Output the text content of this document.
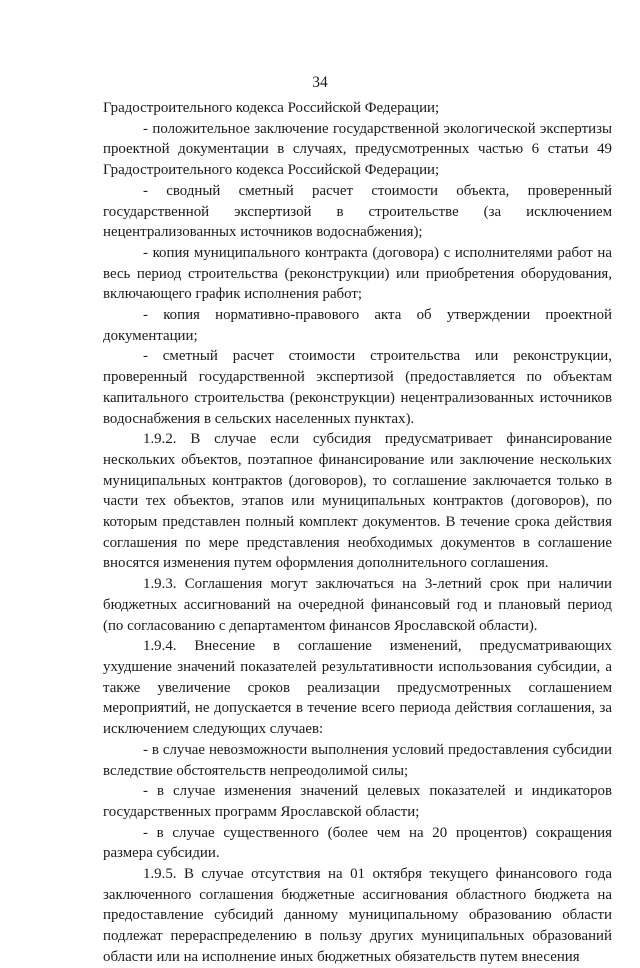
34

Градостроительного кодекса Российской Федерации;

- положительное заключение государственной экологической экспертизы проектной документации в случаях, предусмотренных частью 6 статьи 49 Градостроительного кодекса Российской Федерации;

- сводный сметный расчет стоимости объекта, проверенный государственной экспертизой в строительстве (за исключением нецентрализованных источников водоснабжения);

- копия муниципального контракта (договора) с исполнителями работ на весь период строительства (реконструкции) или приобретения оборудования, включающего график исполнения работ;

- копия нормативно-правового акта об утверждении проектной документации;

- сметный расчет стоимости строительства или реконструкции, проверенный государственной экспертизой (предоставляется по объектам капитального строительства (реконструкции) нецентрализованных источников водоснабжения в сельских населенных пунктах).

1.9.2. В случае если субсидия предусматривает финансирование нескольких объектов, поэтапное финансирование или заключение нескольких муниципальных контрактов (договоров), то соглашение заключается только в части тех объектов, этапов или муниципальных контрактов (договоров), по которым представлен полный комплект документов. В течение срока действия соглашения по мере представления необходимых документов в соглашение вносятся изменения путем оформления дополнительного соглашения.

1.9.3. Соглашения могут заключаться на 3-летний срок при наличии бюджетных ассигнований на очередной финансовый год и плановый период (по согласованию с департаментом финансов Ярославской области).

1.9.4. Внесение в соглашение изменений, предусматривающих ухудшение значений показателей результативности использования субсидии, а также увеличение сроков реализации предусмотренных соглашением мероприятий, не допускается в течение всего периода действия соглашения, за исключением следующих случаев:

- в случае невозможности выполнения условий предоставления субсидии вследствие обстоятельств непреодолимой силы;

- в случае изменения значений целевых показателей и индикаторов государственных программ Ярославской области;

- в случае существенного (более чем на 20 процентов) сокращения размера субсидии.

1.9.5. В случае отсутствия на 01 октября текущего финансового года заключенного соглашения бюджетные ассигнования областного бюджета на предоставление субсидий данному муниципальному образованию области подлежат перераспределению в пользу других муниципальных образований области или на исполнение иных бюджетных обязательств путем внесения
